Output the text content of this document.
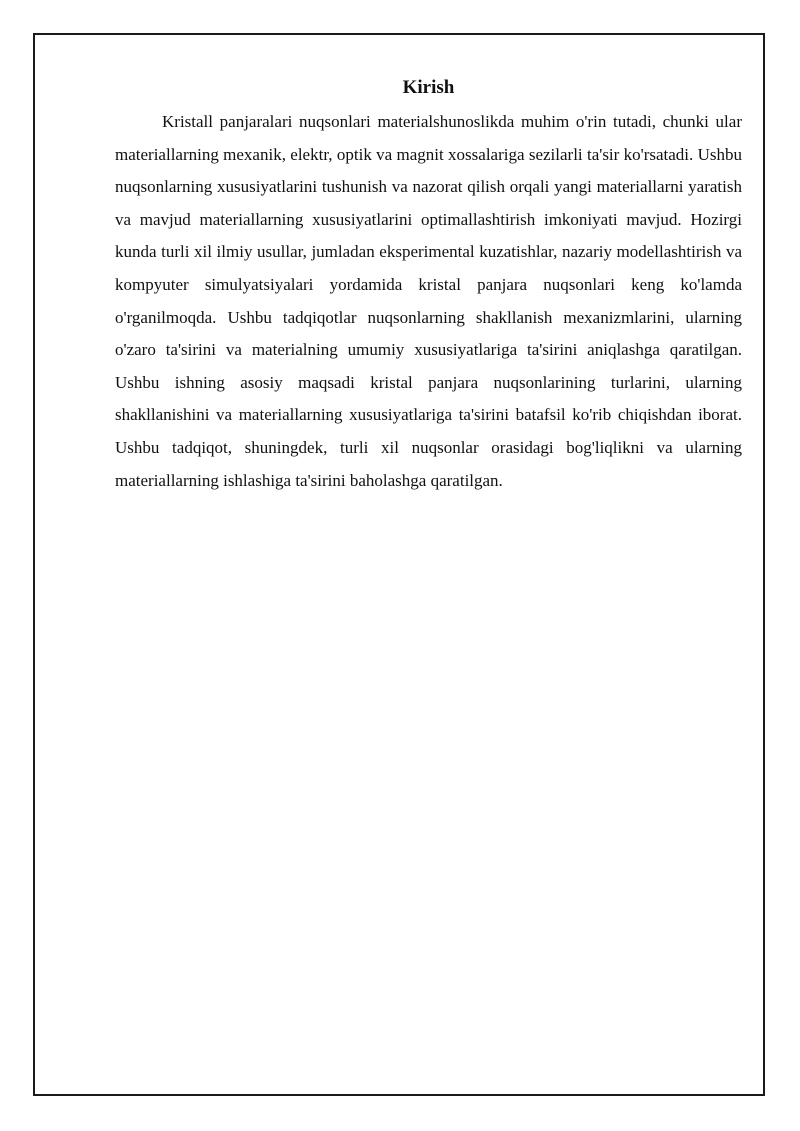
Kirish

Kristall panjaralari nuqsonlari materialshunoslikda muhim o'rin tutadi, chunki ular materiallarning mexanik, elektr, optik va magnit xossalariga sezilarli ta'sir ko'rsatadi. Ushbu nuqsonlarning xususiyatlarini tushunish va nazorat qilish orqali yangi materiallarni yaratish va mavjud materiallarning xususiyatlarini optimallashtirish imkoniyati mavjud. Hozirgi kunda turli xil ilmiy usullar, jumladan eksperimental kuzatishlar, nazariy modellashtirish va kompyuter simulyatsiyalari yordamida kristal panjara nuqsonlari keng ko'lamda o'rganilmoqda. Ushbu tadqiqotlar nuqsonlarning shakllanish mexanizmlarini, ularning o'zaro ta'sirini va materialning umumiy xususiyatlariga ta'sirini aniqlashga qaratilgan. Ushbu ishning asosiy maqsadi kristal panjara nuqsonlarining turlarini, ularning shakllanishini va materiallarning xususiyatlariga ta'sirini batafsil ko'rib chiqishdan iborat. Ushbu tadqiqot, shuningdek, turli xil nuqsonlar orasidagi bog'liqlikni va ularning materiallarning ishlashiga ta'sirini baholashga qaratilgan.
